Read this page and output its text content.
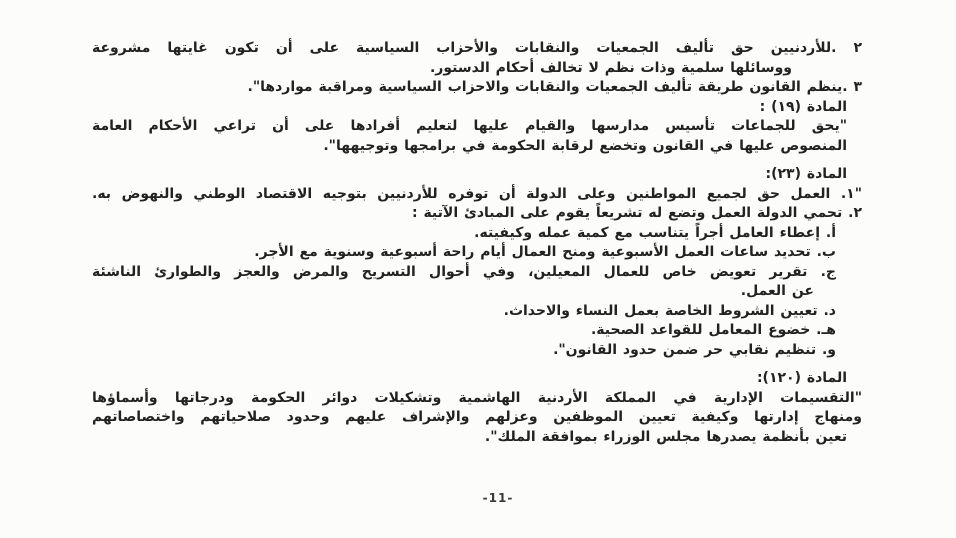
٢ .للأردنيين حق تأليف الجمعيات والنقابات والأحزاب السياسية على أن تكون غايتها مشروعة
ووسائلها سلمية وذات نظم لا تخالف أحكام الدستور.
٣ .ينظم القانون طريقة تأليف الجمعيات والنقابات والاحزاب السياسية ومراقبة مواردها".
المادة (١٩) :
"يحق للجماعات تأسيس مدارسها والقيام عليها لتعليم أفرادها على أن تراعي الأحكام العامة
المنصوص عليها في القانون وتخضع لرقابة الحكومة في برامجها وتوجيهها".
المادة (٢٣):
"١. العمل حق لجميع المواطنين وعلى الدولة أن توفره للأردنيين بتوجيه الاقتصاد الوطني والنهوض به.
٢. تحمي الدولة العمل وتضع له تشريعاً يقوم على المبادئ الآتية :
أ. إعطاء العامل أجراً يتناسب مع كمية عمله وكيفيته.
ب. تحديد ساعات العمل الأسبوعية ومنح العمال أيام راحة أسبوعية وسنوية مع الأجر.
ج. تقرير تعويض خاص للعمال المعيلين، وفي أحوال التسريح والمرض والعجز والطوارئ الناشئة
عن العمل.
د. تعيين الشروط الخاصة بعمل النساء والاحداث.
هـ. خضوع المعامل للقواعد الصحية.
و. تنظيم نقابي حر ضمن حدود القانون".
المادة (١٢٠):
"التقسيمات الإدارية في المملكة الأردنية الهاشمية وتشكيلات دوائر الحكومة ودرجاتها وأسماؤها
ومنهاج إدارتها وكيفية تعيين الموظفين وعزلهم والإشراف عليهم وحدود صلاحياتهم واختصاصاتهم
تعين بأنظمة يصدرها مجلس الوزراء بموافقة الملك".
-11-
